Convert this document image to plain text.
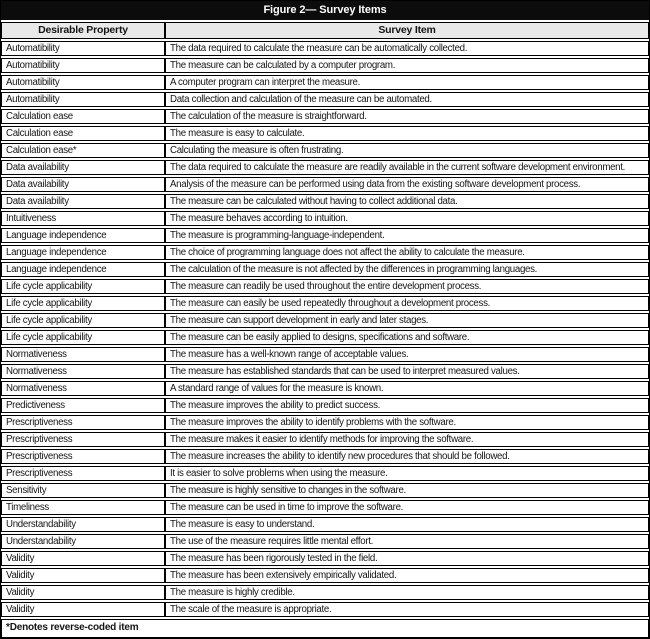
Figure 2— Survey Items
Desirable Property	Survey Item
Automatibility	The data required to calculate the measure can be automatically collected.
Automatibility	The measure can be calculated by a computer program.
Automatibility	A computer program can interpret the measure.
Automatibility	Data collection and calculation of the measure can be automated.
Calculation ease	The calculation of the measure is straightforward.
Calculation ease	The measure is easy to calculate.
Calculation ease*	Calculating the measure is often frustrating.
Data availability	The data required to calculate the measure are readily available in the current software development environment.
Data availability	Analysis of the measure can be performed using data from the existing software development process.
Data availability	The measure can be calculated without having to collect additional data.
Intuitiveness	The measure behaves according to intuition.
Language independence	The measure is programming-language-independent.
Language independence	The choice of programming language does not affect the ability to calculate the measure.
Language independence	The calculation of the measure is not affected by the differences in programming languages.
Life cycle applicability	The measure can readily be used throughout the entire development process.
Life cycle applicability	The measure can easily be used repeatedly throughout a development process.
Life cycle applicability	The measure can support development in early and later stages.
Life cycle applicability	The measure can be easily applied to designs, specifications and software.
Normativeness	The measure has a well-known range of acceptable values.
Normativeness	The measure has established standards that can be used to interpret measured values.
Normativeness	A standard range of values for the measure is known.
Predictiveness	The measure improves the ability to predict success.
Prescriptiveness	The measure improves the ability to identify problems with the software.
Prescriptiveness	The measure makes it easier to identify methods for improving the software.
Prescriptiveness	The measure increases the ability to identify new procedures that should be followed.
Prescriptiveness	It is easier to solve problems when using the measure.
Sensitivity	The measure is highly sensitive to changes in the software.
Timeliness	The measure can be used in time to improve the software.
Understandability	The measure is easy to understand.
Understandability	The use of the measure requires little mental effort.
Validity	The measure has been rigorously tested in the field.
Validity	The measure has been extensively empirically validated.
Validity	The measure is highly credible.
Validity	The scale of the measure is appropriate.
*Denotes reverse-coded item
